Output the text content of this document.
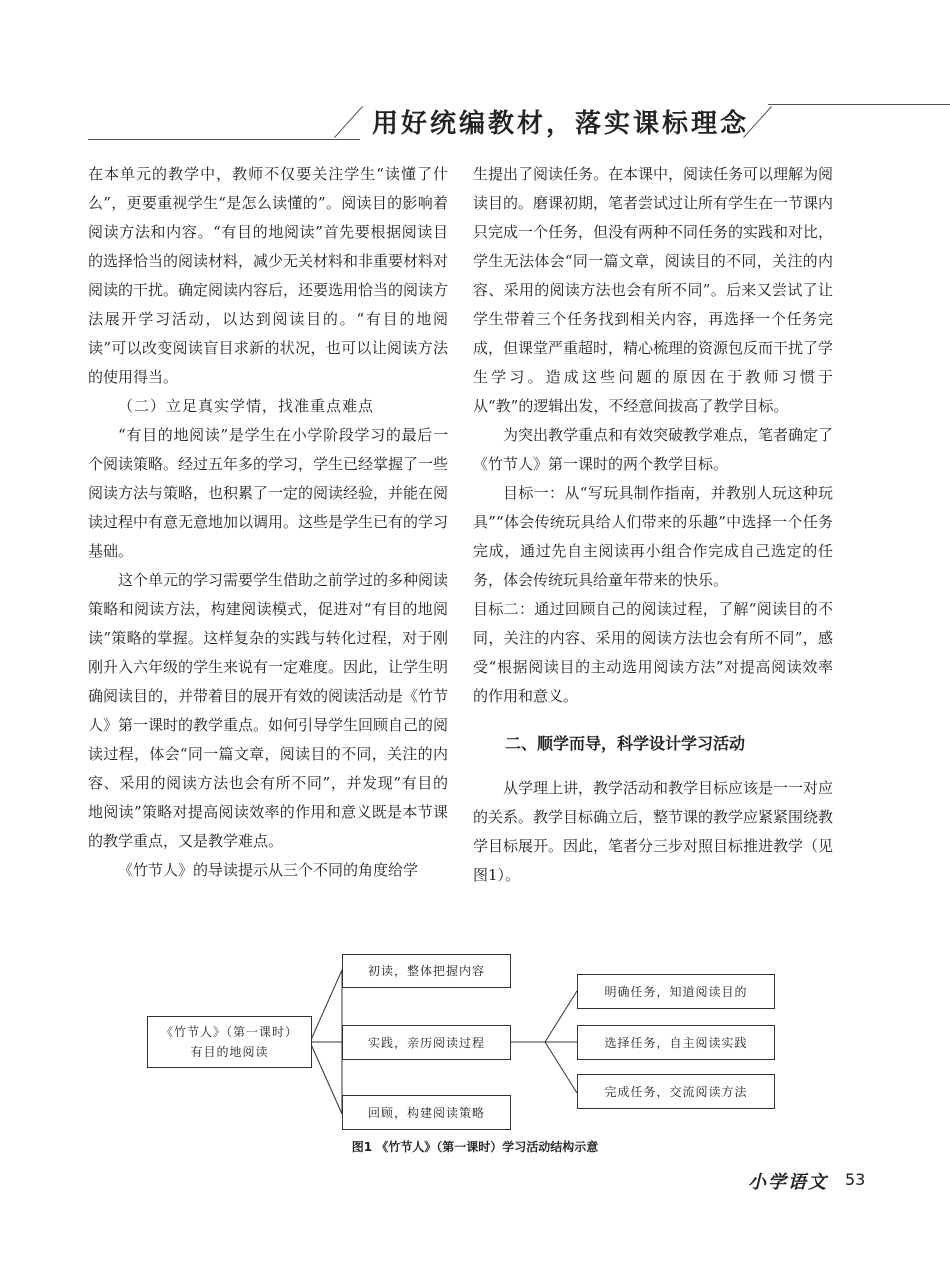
用好统编教材，落实课标理念

在本单元的教学中，教师不仅要关注学生“读懂了什么”，更要重视学生“是怎么读懂的”。阅读目的影响着阅读方法和内容。“有目的地阅读”首先要根据阅读目的选择恰当的阅读材料，减少无关材料和非重要材料对阅读的干扰。确定阅读内容后，还要选用恰当的阅读方法展开学习活动，以达到阅读目的。“有目的地阅读”可以改变阅读盲目求新的状况，也可以让阅读方法的使用得当。

（二）立足真实学情，找准重点难点

“有目的地阅读”是学生在小学阶段学习的最后一个阅读策略。经过五年多的学习，学生已经掌握了一些阅读方法与策略，也积累了一定的阅读经验，并能在阅读过程中有意无意地加以调用。这些是学生已有的学习基础。

这个单元的学习需要学生借助之前学过的多种阅读策略和阅读方法，构建阅读模式，促进对“有目的地阅读”策略的掌握。这样复杂的实践与转化过程，对于刚刚升入六年级的学生来说有一定难度。因此，让学生明确阅读目的，并带着目的展开有效的阅读活动是《竹节人》第一课时的教学重点。如何引导学生回顾自己的阅读过程，体会“同一篇文章，阅读目的不同，关注的内容、采用的阅读方法也会有所不同”，并发现“有目的地阅读”策略对提高阅读效率的作用和意义既是本节课的教学重点，又是教学难点。

《竹节人》的导读提示从三个不同的角度给学

生提出了阅读任务。在本课中，阅读任务可以理解为阅读目的。磨课初期，笔者尝试过让所有学生在一节课内只完成一个任务，但没有两种不同任务的实践和对比，学生无法体会“同一篇文章，阅读目的不同，关注的内容、采用的阅读方法也会有所不同”。后来又尝试了让学生带着三个任务找到相关内容，再选择一个任务完成，但课堂严重超时，精心梳理的资源包反而干扰了学生学习。造成这些问题的原因在于教师习惯于从“教”的逻辑出发，不经意间拔高了教学目标。

为突出教学重点和有效突破教学难点，笔者确定了《竹节人》第一课时的两个教学目标。

目标一：从“写玩具制作指南，并教别人玩这种玩具”“体会传统玩具给人们带来的乐趣”中选择一个任务完成，通过先自主阅读再小组合作完成自己选定的任务，体会传统玩具给童年带来的快乐。

目标二：通过回顾自己的阅读过程，了解“阅读目的不同，关注的内容、采用的阅读方法也会有所不同”，感受“根据阅读目的主动选用阅读方法”对提高阅读效率的作用和意义。

二、顺学而导，科学设计学习活动

从学理上讲，教学活动和教学目标应该是一一对应的关系。教学目标确立后，整节课的教学应紧紧围绕教学目标展开。因此，笔者分三步对照目标推进教学（见图1）。

《竹节人》（第一课时）
有目的地阅读
初读，整体把握内容
实践，亲历阅读过程
回顾，构建阅读策略
明确任务，知道阅读目的
选择任务，自主阅读实践
完成任务，交流阅读方法
图1 《竹节人》（第一课时）学习活动结构示意
小学语文 53
